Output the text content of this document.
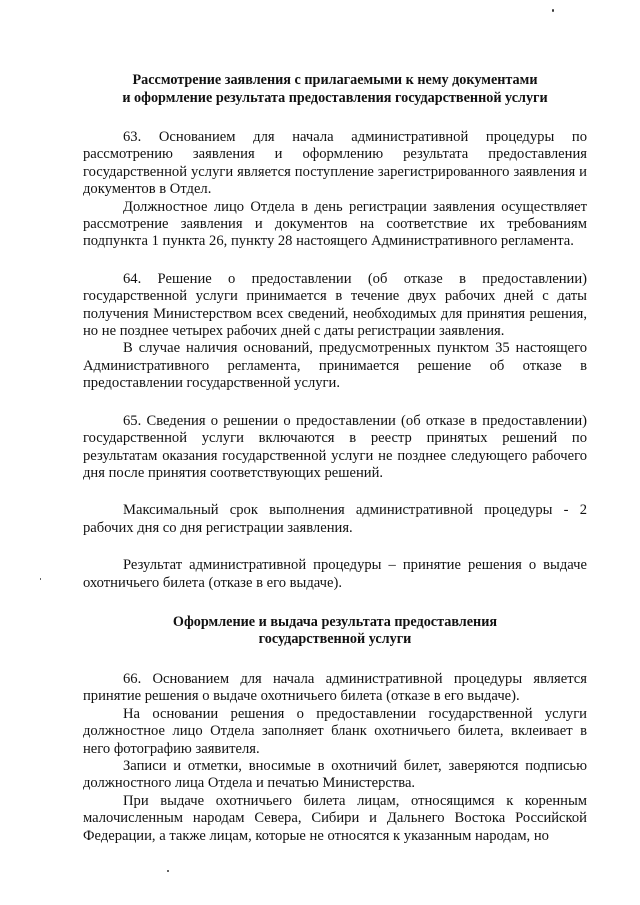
Рассмотрение заявления с прилагаемыми к нему документами
и оформление результата предоставления государственной услуги

63. Основанием для начала административной процедуры по рассмотрению заявления и оформлению результата предоставления государственной услуги является поступление зарегистрированного заявления и документов в Отдел.

Должностное лицо Отдела в день регистрации заявления осуществляет рассмотрение заявления и документов на соответствие их требованиям подпункта 1 пункта 26, пункту 28 настоящего Административного регламента.

64. Решение о предоставлении (об отказе в предоставлении) государственной услуги принимается в течение двух рабочих дней с даты получения Министерством всех сведений, необходимых для принятия решения, но не позднее четырех рабочих дней с даты регистрации заявления.

В случае наличия оснований, предусмотренных пунктом 35 настоящего Административного регламента, принимается решение об отказе в предоставлении государственной услуги.

65. Сведения о решении о предоставлении (об отказе в предоставлении) государственной услуги включаются в реестр принятых решений по результатам оказания государственной услуги не позднее следующего рабочего дня после принятия соответствующих решений.

Максимальный срок выполнения административной процедуры - 2 рабочих дня со дня регистрации заявления.

Результат административной процедуры – принятие решения о выдаче охотничьего билета (отказе в его выдаче).

Оформление и выдача результата предоставления
государственной услуги

66. Основанием для начала административной процедуры является принятие решения о выдаче охотничьего билета (отказе в его выдаче).

На основании решения о предоставлении государственной услуги должностное лицо Отдела заполняет бланк охотничьего билета, вклеивает в него фотографию заявителя.

Записи и отметки, вносимые в охотничий билет, заверяются подписью должностного лица Отдела и печатью Министерства.

При выдаче охотничьего билета лицам, относящимся к коренным малочисленным народам Севера, Сибири и Дальнего Востока Российской Федерации, а также лицам, которые не относятся к указанным народам, но
